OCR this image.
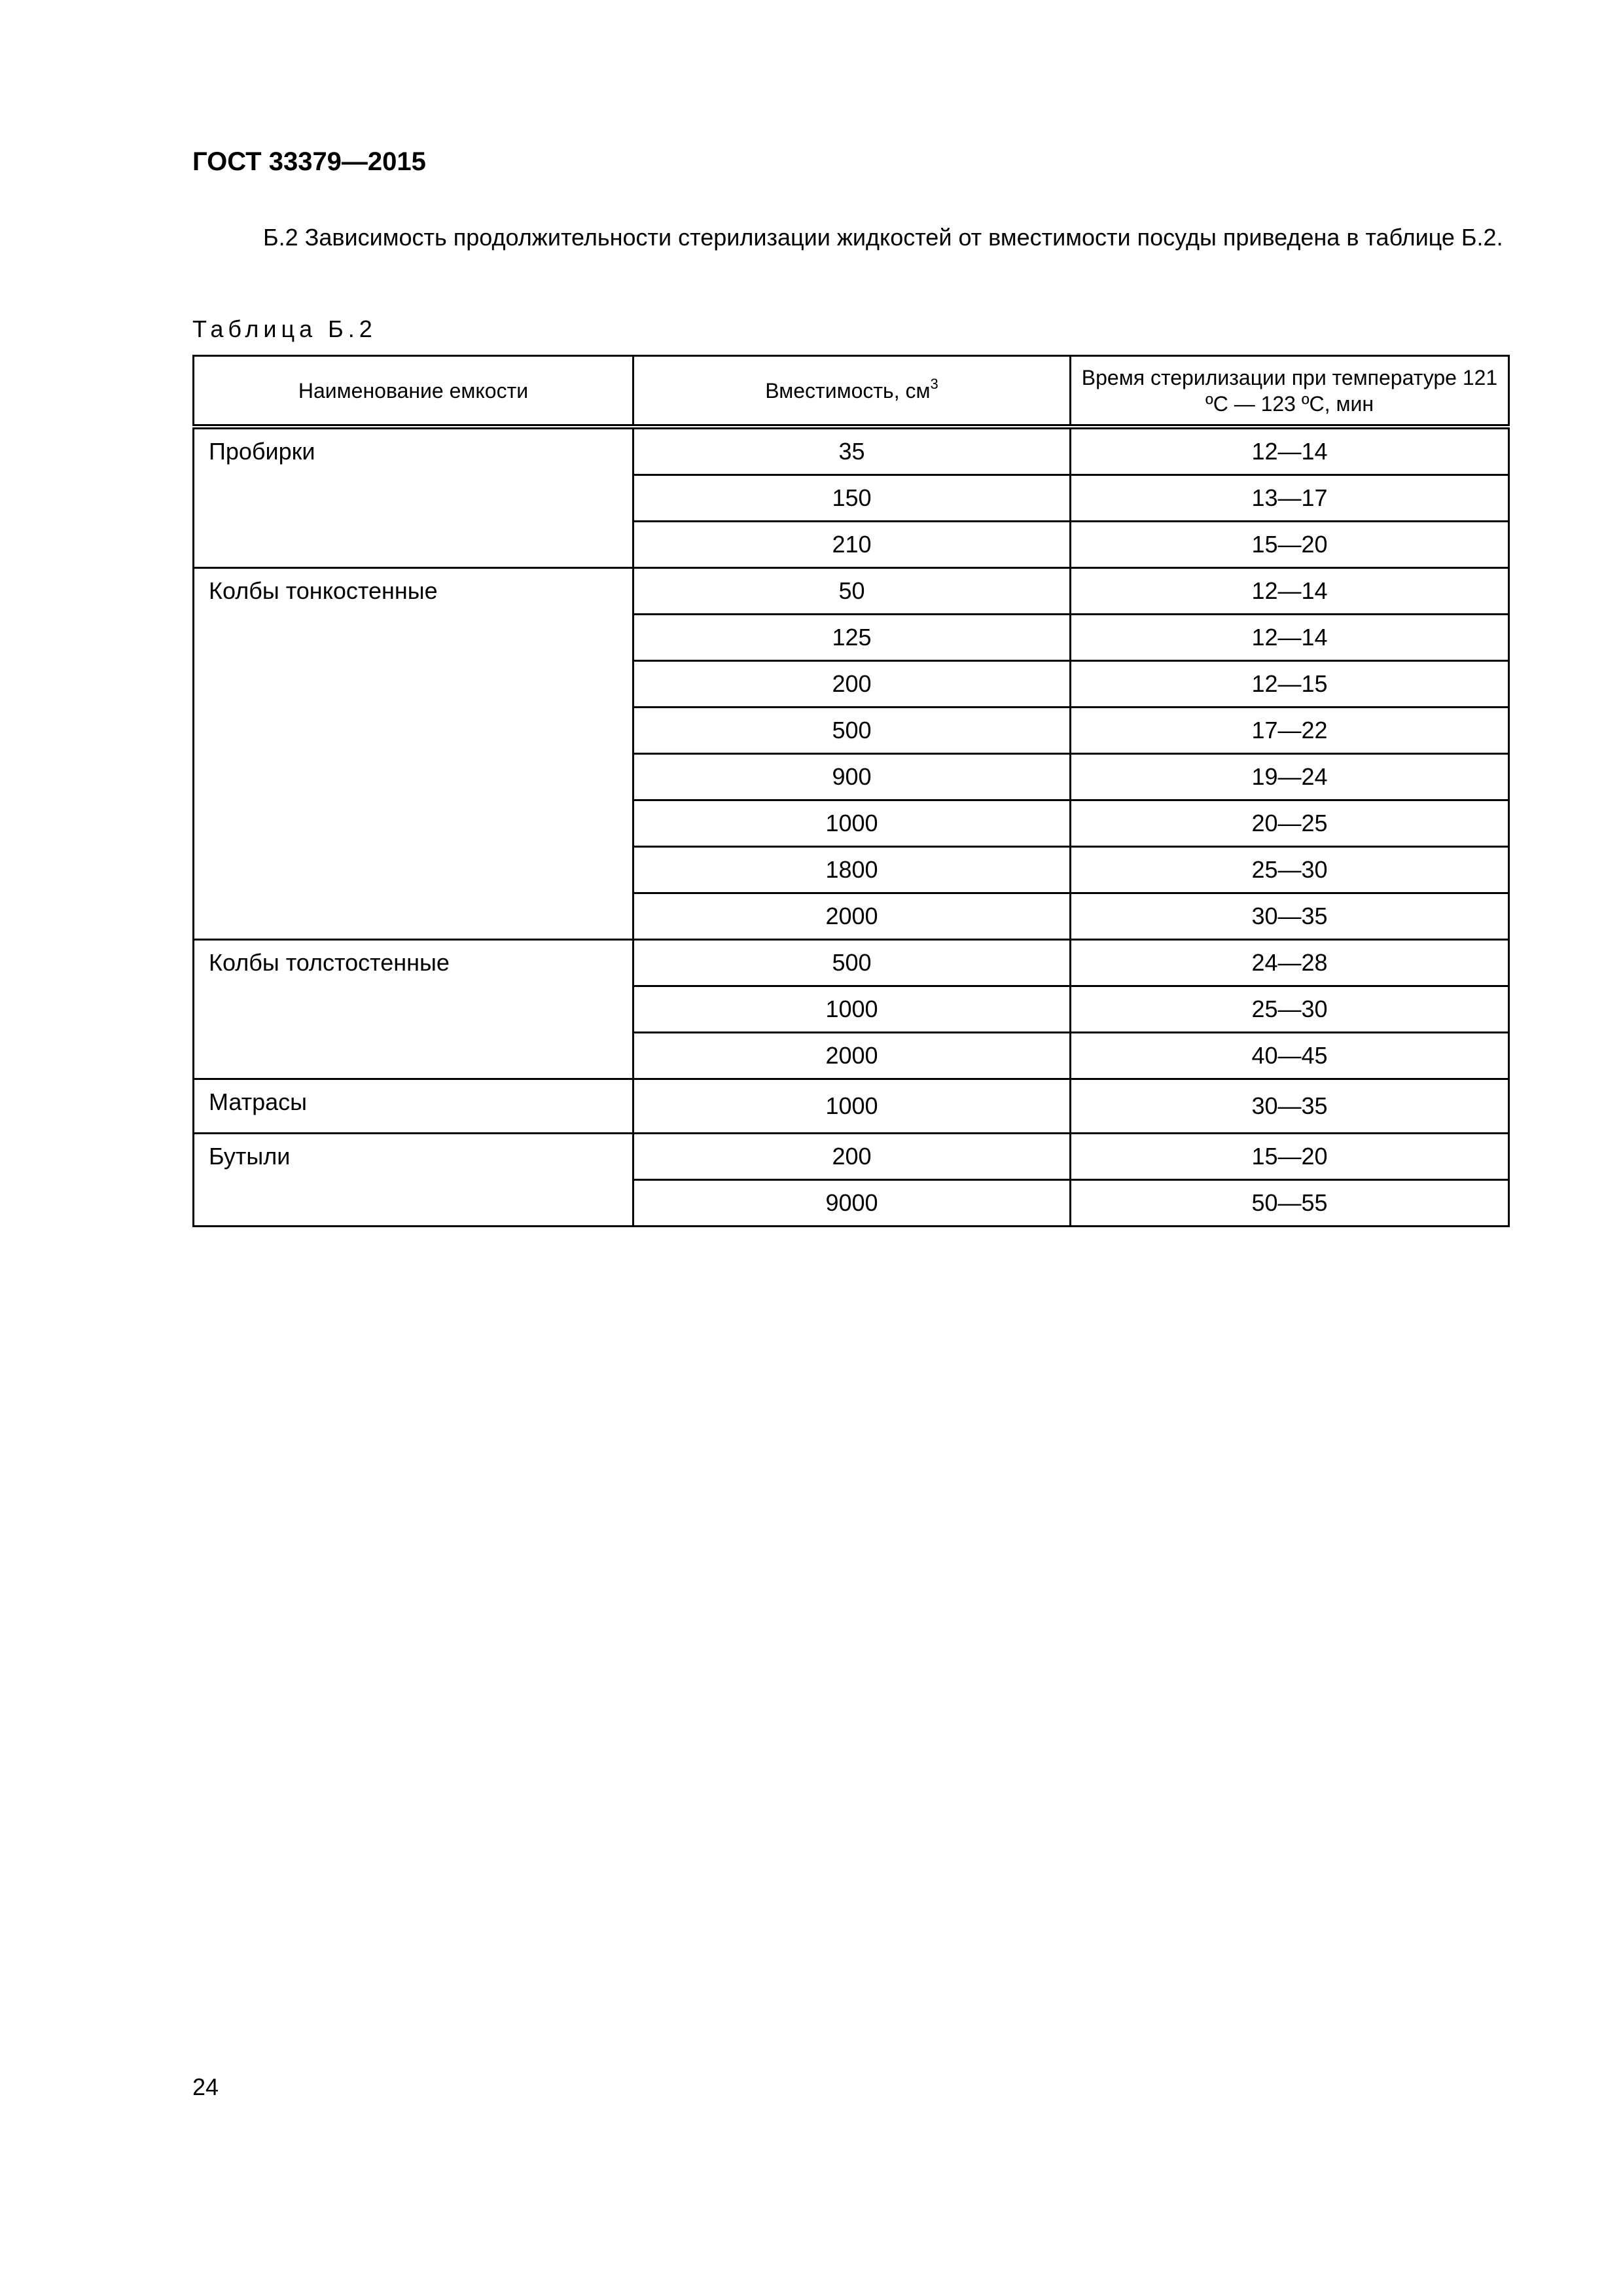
ГОСТ 33379—2015
Б.2 Зависимость продолжительности стерилизации жидкостей от вместимости посуды приведена в таблице Б.2.
Таблица Б.2
Наименование емкости	Вместимость, $см^3$	Время стерилизации при температуре 121 ºС — 123 ºС, мин
Пробирки	35	12—14
	150	13—17
	210	15—20
Колбы тонкостенные	50	12—14
	125	12—14
	200	12—15
	500	17—22
	900	19—24
	1000	20—25
	1800	25—30
	2000	30—35
Колбы толстостенные	500	24—28
	1000	25—30
	2000	40—45
Матрасы	1000	30—35
Бутыли	200	15—20
	9000	50—55
24
